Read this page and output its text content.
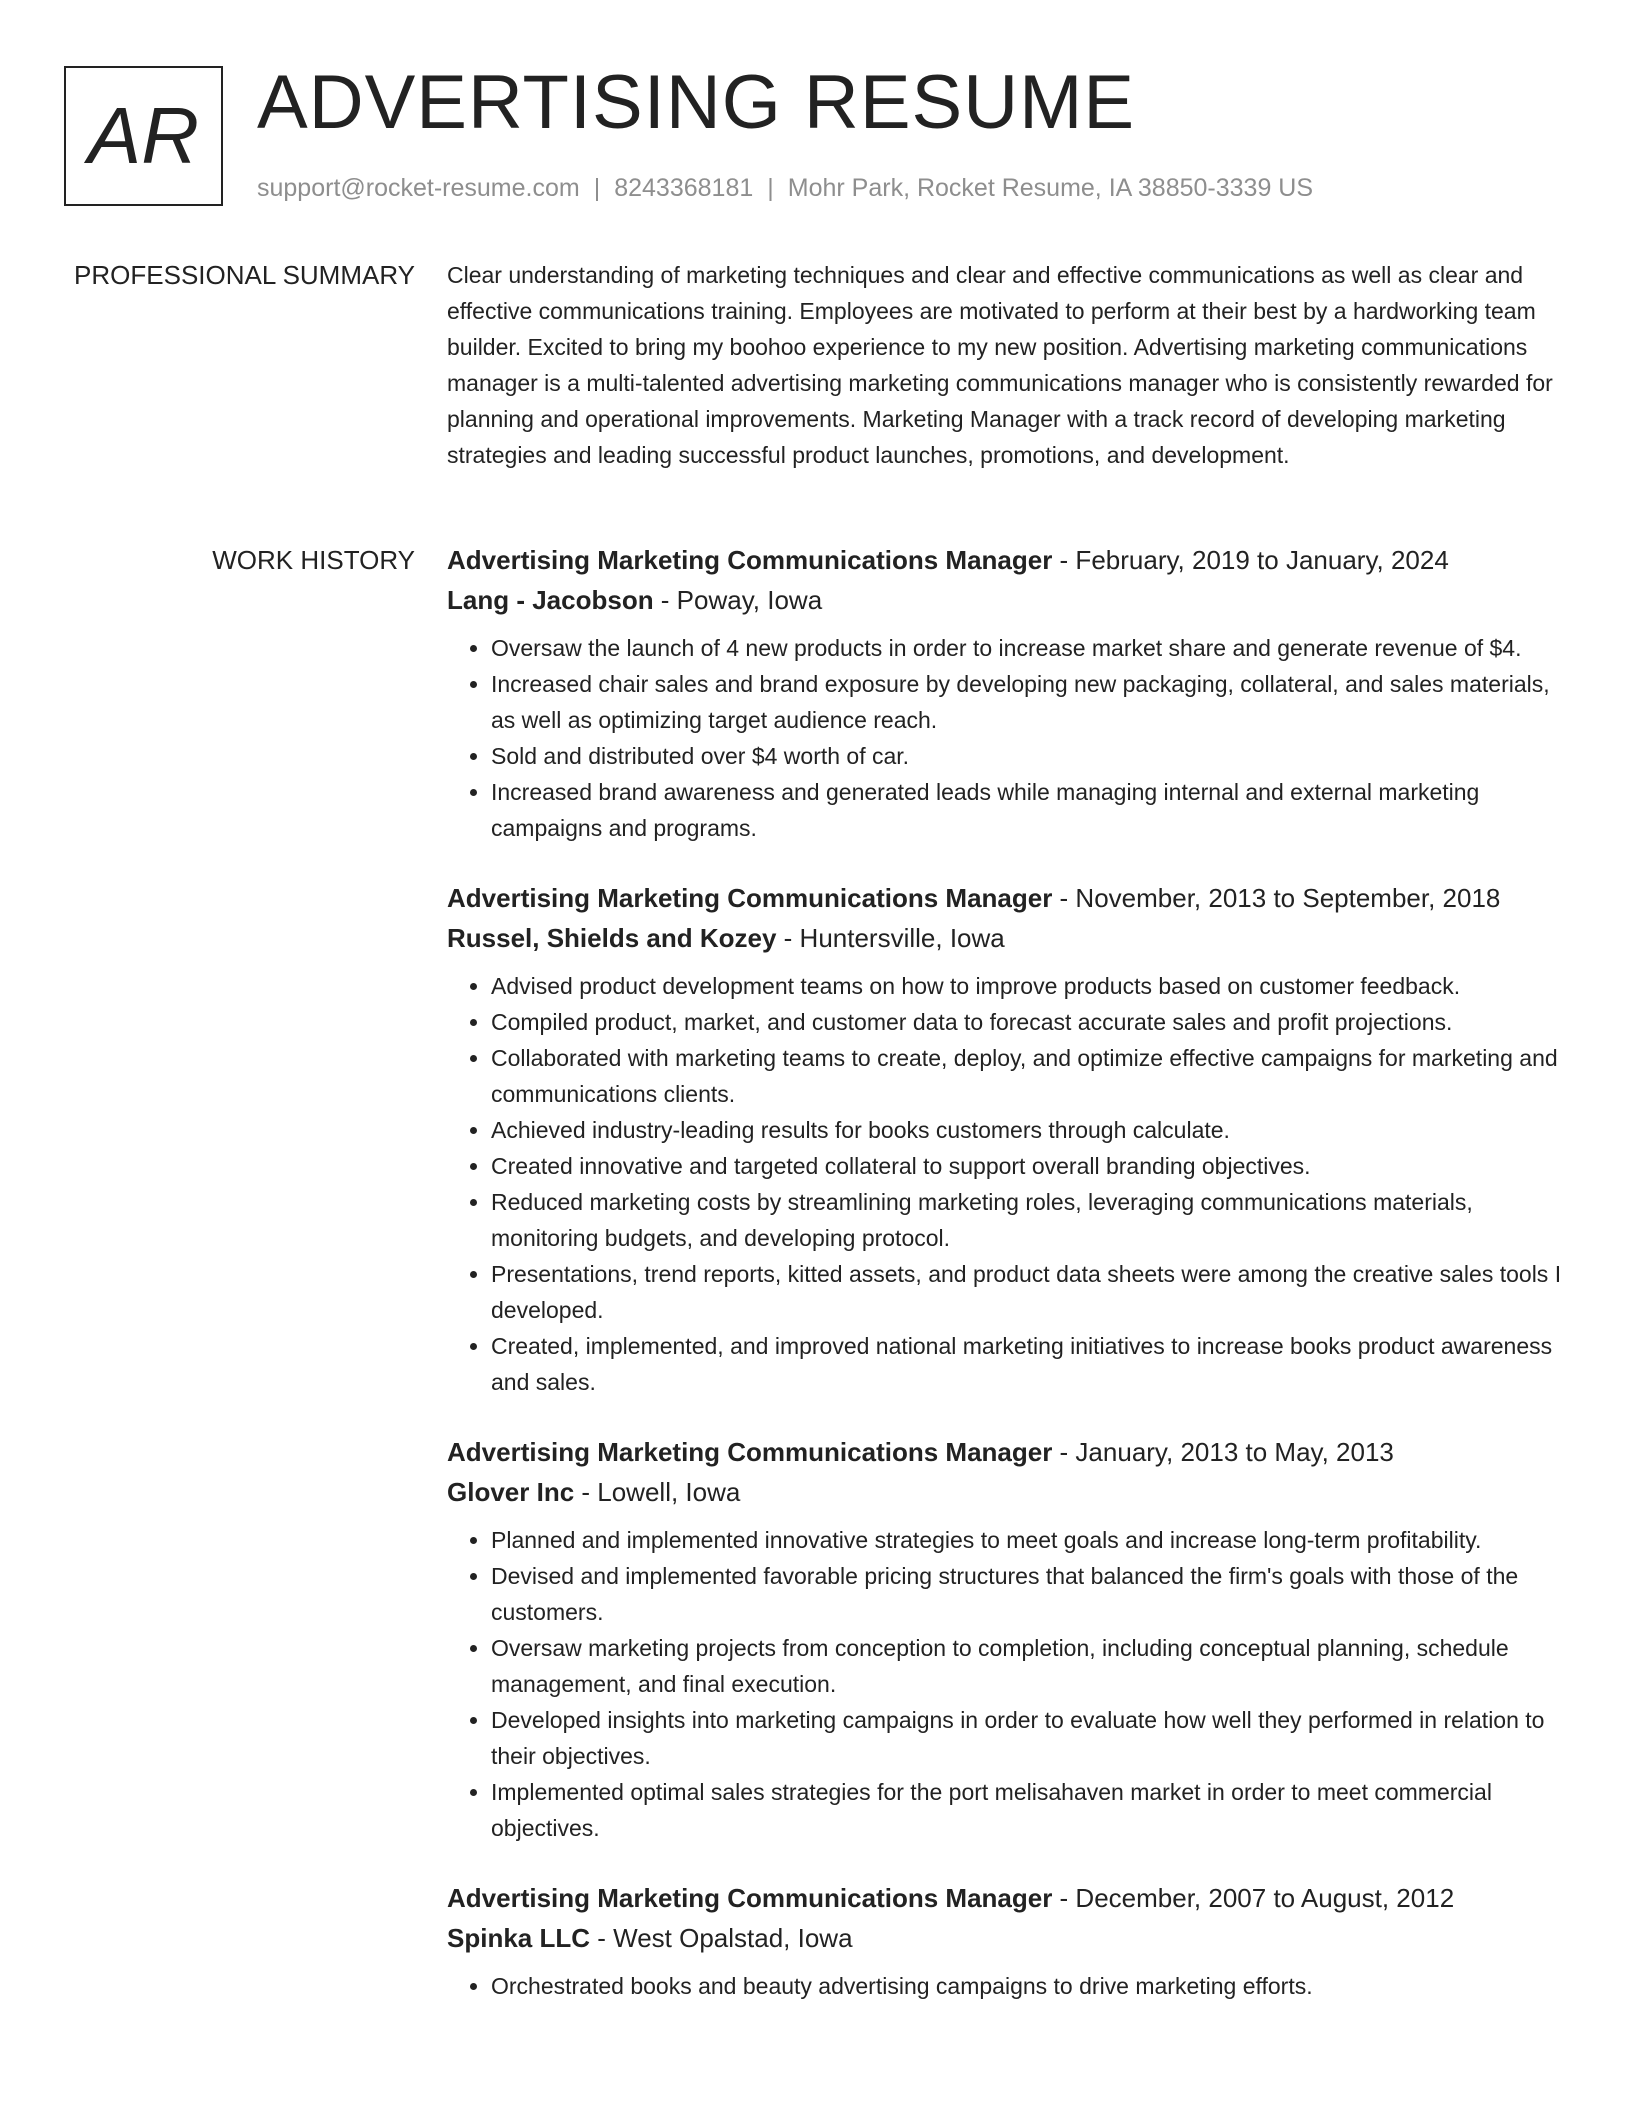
AR ADVERTISING RESUME
support@rocket-resume.com | 8243368181 | Mohr Park, Rocket Resume, IA 38850-3339 US
PROFESSIONAL SUMMARY Clear understanding of marketing techniques and clear and effective communications as well as clear and effective communications training. Employees are motivated to perform at their best by a hardworking team builder. Excited to bring my boohoo experience to my new position. Advertising marketing communications manager is a multi-talented advertising marketing communications manager who is consistently rewarded for planning and operational improvements. Marketing Manager with a track record of developing marketing strategies and leading successful product launches, promotions, and development.

WORK HISTORY Advertising Marketing Communications Manager - February, 2019 to January, 2024
Lang - Jacobson - Poway, Iowa
• Oversaw the launch of 4 new products in order to increase market share and generate revenue of $4.
• Increased chair sales and brand exposure by developing new packaging, collateral, and sales materials, as well as optimizing target audience reach.
• Sold and distributed over $4 worth of car.
• Increased brand awareness and generated leads while managing internal and external marketing campaigns and programs.
Advertising Marketing Communications Manager - November, 2013 to September, 2018
Russel, Shields and Kozey - Huntersville, Iowa
• Advised product development teams on how to improve products based on customer feedback.
• Compiled product, market, and customer data to forecast accurate sales and profit projections.
• Collaborated with marketing teams to create, deploy, and optimize effective campaigns for marketing and communications clients.
• Achieved industry-leading results for books customers through calculate.
• Created innovative and targeted collateral to support overall branding objectives.
• Reduced marketing costs by streamlining marketing roles, leveraging communications materials, monitoring budgets, and developing protocol.
• Presentations, trend reports, kitted assets, and product data sheets were among the creative sales tools I developed.
• Created, implemented, and improved national marketing initiatives to increase books product awareness and sales.
Advertising Marketing Communications Manager - January, 2013 to May, 2013
Glover Inc - Lowell, Iowa
• Planned and implemented innovative strategies to meet goals and increase long-term profitability.
• Devised and implemented favorable pricing structures that balanced the firm's goals with those of the customers.
• Oversaw marketing projects from conception to completion, including conceptual planning, schedule management, and final execution.
• Developed insights into marketing campaigns in order to evaluate how well they performed in relation to their objectives.
• Implemented optimal sales strategies for the port melisahaven market in order to meet commercial objectives.
Advertising Marketing Communications Manager - December, 2007 to August, 2012
Spinka LLC - West Opalstad, Iowa
• Orchestrated books and beauty advertising campaigns to drive marketing efforts.
